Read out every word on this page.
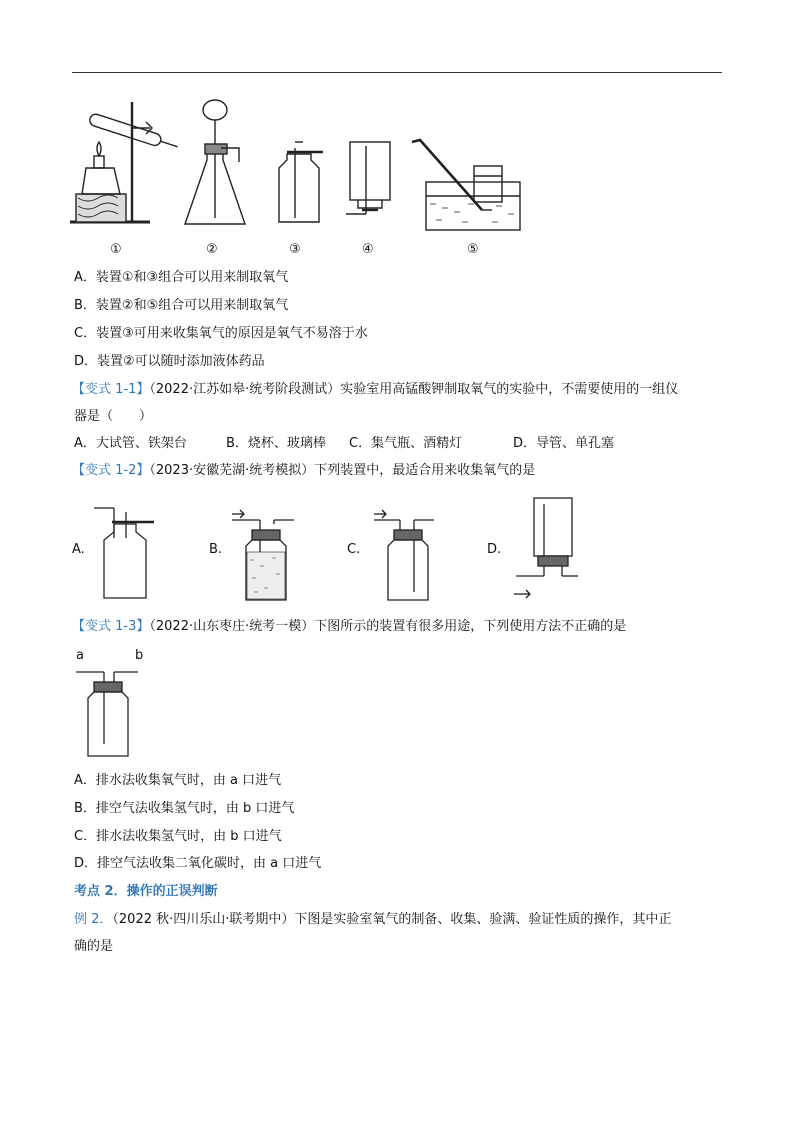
①	②	③	④	⑤
A．装置①和③组合可以用来制取氧气
B．装置②和⑤组合可以用来制取氧气
C．装置③可用来收集氧气的原因是氧气不易溶于水
D．装置②可以随时添加液体药品
【变式 1-1】（2022·江苏如皋·统考阶段测试）实验室用高锰酸钾制取氧气的实验中，不需要使用的一组仪
器是（　　）
A．大试管、铁架台	B．烧杯、玻璃棒 C．集气瓶、酒精灯	D．导管、单孔塞
【变式 1-2】（2023·安徽芜湖·统考模拟）下列装置中，最适合用来收集氧气的是
A.	B.	C.	D.
【变式 1-3】（2022·山东枣庄·统考一模）下图所示的装置有很多用途，下列使用方法不正确的是
a	b
A．排水法收集氧气时，由 a 口进气
B．排空气法收集氢气时，由 b 口进气
C．排水法收集氢气时，由 b 口进气
D．排空气法收集二氧化碳时，由 a 口进气
考点 2．操作的正误判断
例 2．（2022 秋·四川乐山·联考期中）下图是实验室氧气的制备、收集、验满、验证性质的操作，其中正
确的是
